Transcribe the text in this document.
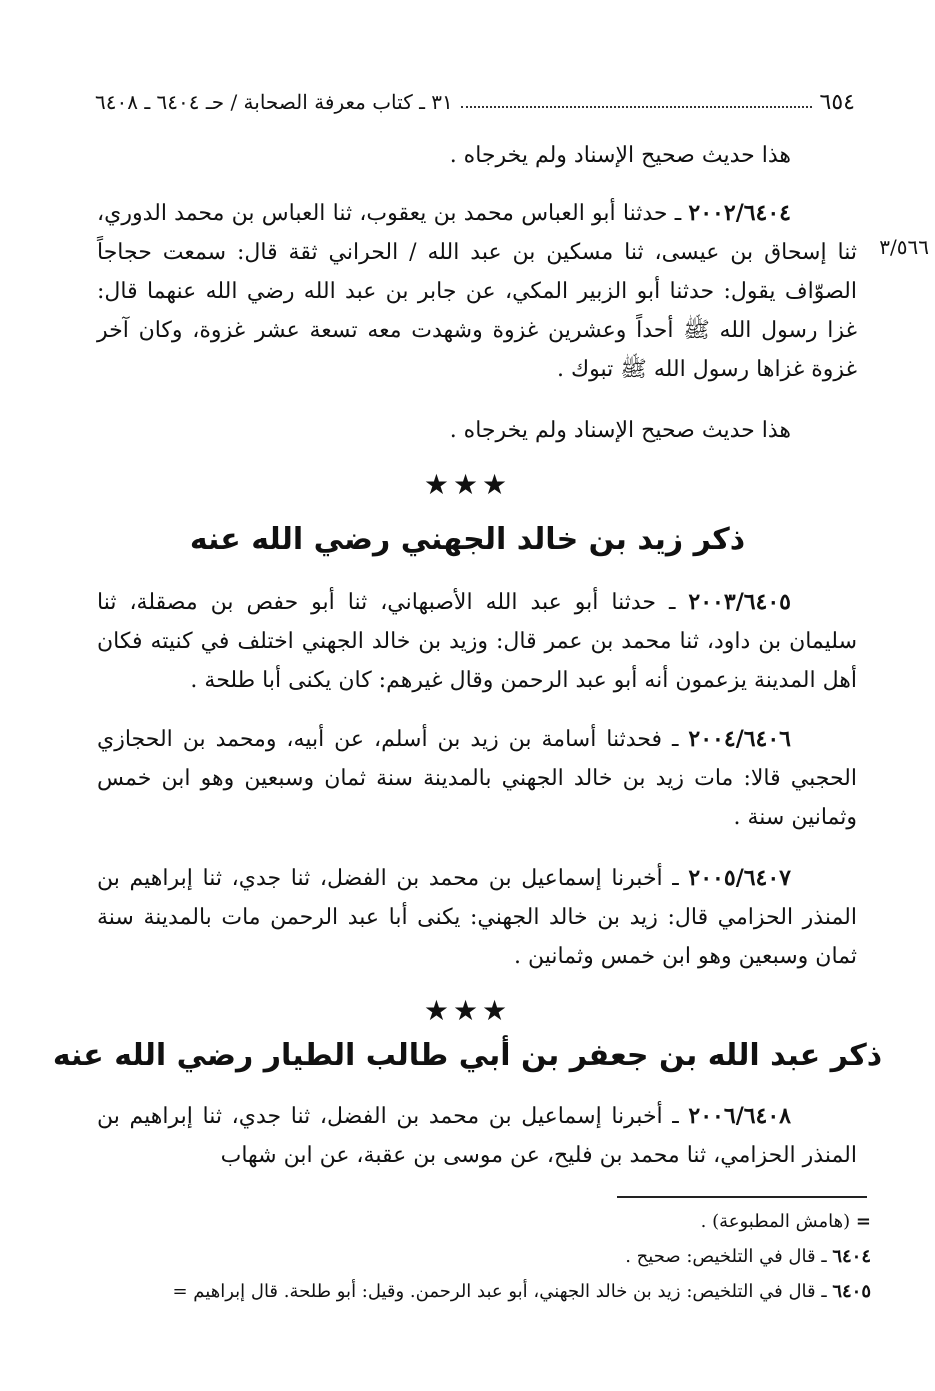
٦٥٤
٣١ ـ كتاب معرفة الصحابة / حـ ٦٤٠٤ ـ ٦٤٠٨
٣/٥٦٦

هذا حديث صحيح الإسناد ولم يخرجاه .

٢٠٠٢/٦٤٠٤ ـ حدثنا أبو العباس محمد بن يعقوب، ثنا العباس بن محمد الدوري، ثنا إسحاق بن عيسى، ثنا مسكين بن عبد الله / الحراني ثقة قال: سمعت حجاجاً الصوّاف يقول: حدثنا أبو الزبير المكي، عن جابر بن عبد الله رضي الله عنهما قال: غزا رسول الله ﷺ أحداً وعشرين غزوة وشهدت معه تسعة عشر غزوة، وكان آخر غزوة غزاها رسول الله ﷺ تبوك .

هذا حديث صحيح الإسناد ولم يخرجاه .

★★★
ذكر زيد بن خالد الجهني رضي الله عنه

٢٠٠٣/٦٤٠٥ ـ حدثنا أبو عبد الله الأصبهاني، ثنا أبو حفص بن مصقلة، ثنا سليمان بن داود، ثنا محمد بن عمر قال: وزيد بن خالد الجهني اختلف في كنيته فكان أهل المدينة يزعمون أنه أبو عبد الرحمن وقال غيرهم: كان يكنى أبا طلحة .

٢٠٠٤/٦٤٠٦ ـ فحدثنا أسامة بن زيد بن أسلم، عن أبيه، ومحمد بن الحجازي الحجبي قالا: مات زيد بن خالد الجهني بالمدينة سنة ثمان وسبعين وهو ابن خمس وثمانين سنة .

٢٠٠٥/٦٤٠٧ ـ أخبرنا إسماعيل بن محمد بن الفضل، ثنا جدي، ثنا إبراهيم بن المنذر الحزامي قال: زيد بن خالد الجهني: يكنى أبا عبد الرحمن مات بالمدينة سنة ثمان وسبعين وهو ابن خمس وثمانين .

★★★
ذكر عبد الله بن جعفر بن أبي طالب الطيار رضي الله عنه

٢٠٠٦/٦٤٠٨ ـ أخبرنا إسماعيل بن محمد بن الفضل، ثنا جدي، ثنا إبراهيم بن المنذر الحزامي، ثنا محمد بن فليح، عن موسى بن عقبة، عن ابن شهاب

= (هامش المطبوعة) .

٦٤٠٤ ـ قال في التلخيص: صحيح .

٦٤٠٥ ـ قال في التلخيص: زيد بن خالد الجهني، أبو عبد الرحمن. وقيل: أبو طلحة. قال إبراهيم =
